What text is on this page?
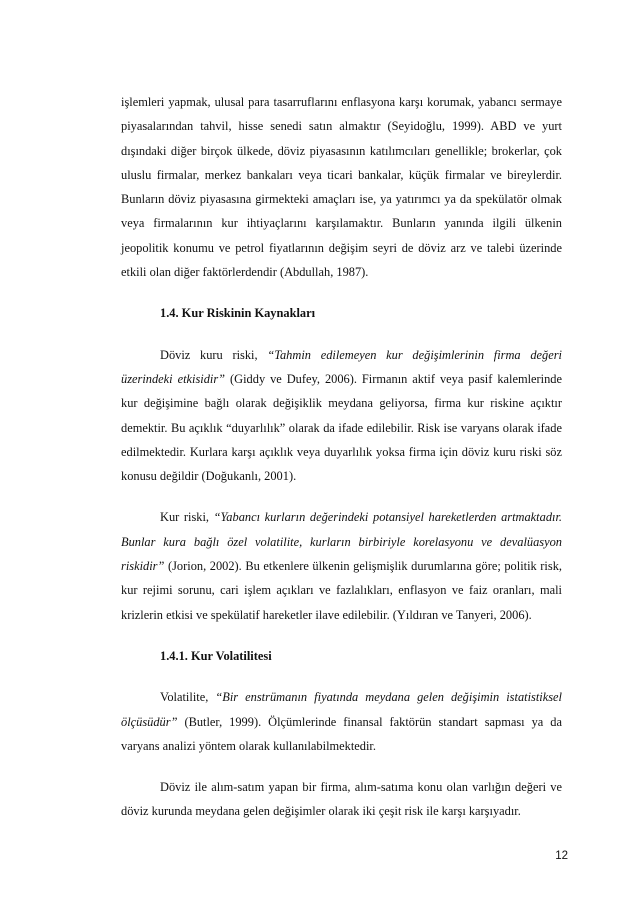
işlemleri yapmak, ulusal para tasarruflarını enflasyona karşı korumak, yabancı sermaye piyasalarından tahvil, hisse senedi satın almaktır (Seyidoğlu, 1999). ABD ve yurt dışındaki diğer birçok ülkede, döviz piyasasının katılımcıları genellikle; brokerlar, çok uluslu firmalar, merkez bankaları veya ticari bankalar, küçük firmalar ve bireylerdir. Bunların döviz piyasasına girmekteki amaçları ise, ya yatırımcı ya da spekülatör olmak veya firmalarının kur ihtiyaçlarını karşılamaktır. Bunların yanında ilgili ülkenin jeopolitik konumu ve petrol fiyatlarının değişim seyri de döviz arz ve talebi üzerinde etkili olan diğer faktörlerdendir (Abdullah, 1987).

1.4. Kur Riskinin Kaynakları

Döviz kuru riski, “Tahmin edilemeyen kur değişimlerinin firma değeri üzerindeki etkisidir” (Giddy ve Dufey, 2006). Firmanın aktif veya pasif kalemlerinde kur değişimine bağlı olarak değişiklik meydana geliyorsa, firma kur riskine açıktır demektir. Bu açıklık “duyarlılık” olarak da ifade edilebilir. Risk ise varyans olarak ifade edilmektedir. Kurlara karşı açıklık veya duyarlılık yoksa firma için döviz kuru riski söz konusu değildir (Doğukanlı, 2001).

Kur riski, “Yabancı kurların değerindeki potansiyel hareketlerden artmaktadır. Bunlar kura bağlı özel volatilite, kurların birbiriyle korelasyonu ve devalüasyon riskidir” (Jorion, 2002). Bu etkenlere ülkenin gelişmişlik durumlarına göre; politik risk, kur rejimi sorunu, cari işlem açıkları ve fazlalıkları, enflasyon ve faiz oranları, mali krizlerin etkisi ve spekülatif hareketler ilave edilebilir. (Yıldıran ve Tanyeri, 2006).

1.4.1. Kur Volatilitesi

Volatilite, “Bir enstrümanın fiyatında meydana gelen değişimin istatistiksel ölçüsüdür” (Butler, 1999). Ölçümlerinde finansal faktörün standart sapması ya da varyans analizi yöntem olarak kullanılabilmektedir.

Döviz ile alım-satım yapan bir firma, alım-satıma konu olan varlığın değeri ve döviz kurunda meydana gelen değişimler olarak iki çeşit risk ile karşı karşıyadır.

12
